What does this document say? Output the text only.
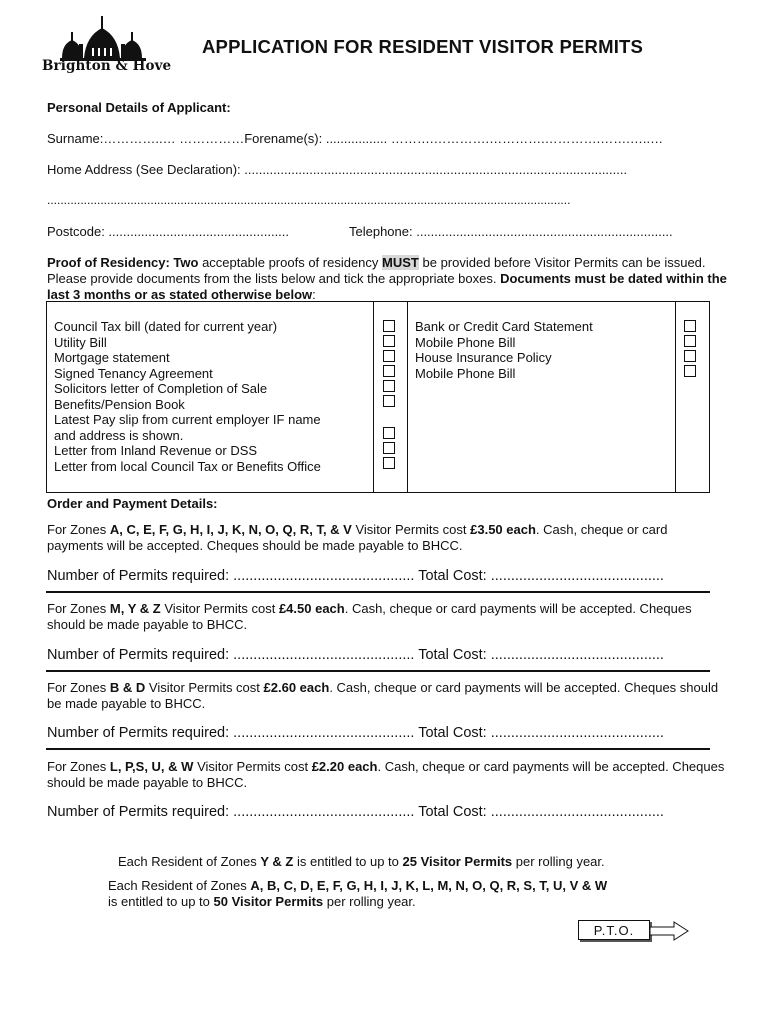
Brighton & Hove
APPLICATION FOR RESIDENT VISITOR PERMITS
Personal Details of Applicant:
Surname:…………..… ……………Forename(s): ................. ……….………….………….………….…….…..…
Home Address (See Declaration): ..........................................................................................................
.............................................................................................................................................................
Postcode: ..................................................	Telephone: .......................................................................
Proof of Residency: Two acceptable proofs of residency MUST be provided before Visitor Permits can be issued. Please provide documents from the lists below and tick the appropriate boxes. Documents must be dated within the last 3 months or as stated otherwise below:
Council Tax bill (dated for current year)
Utility Bill
Mortgage statement
Signed Tenancy Agreement
Solicitors letter of Completion of Sale
Benefits/Pension Book
Latest Pay slip from current employer IF name
and address is shown.
Letter from Inland Revenue or DSS
Letter from local Council Tax or Benefits Office
Bank or Credit Card Statement
Mobile Phone Bill
House Insurance Policy
Mobile Phone Bill
Order and Payment Details:
For Zones A, C, E, F, G, H, I, J, K, N, O, Q, R, T, & V Visitor Permits cost £3.50 each. Cash, cheque or card payments will be accepted. Cheques should be made payable to BHCC.
Number of Permits required: ............................................. Total Cost: ...........................................
For Zones M, Y & Z Visitor Permits cost £4.50 each. Cash, cheque or card payments will be accepted. Cheques should be made payable to BHCC.
Number of Permits required: ............................................. Total Cost: ...........................................
For Zones B & D Visitor Permits cost £2.60 each. Cash, cheque or card payments will be accepted. Cheques should be made payable to BHCC.
Number of Permits required: ............................................. Total Cost: ...........................................
For Zones L, P,S, U, & W Visitor Permits cost £2.20 each. Cash, cheque or card payments will be accepted. Cheques should be made payable to BHCC.
Number of Permits required: ............................................. Total Cost: ...........................................
Each Resident of Zones Y & Z is entitled to up to 25 Visitor Permits per rolling year.
Each Resident of Zones A, B, C, D, E, F, G, H, I, J, K, L, M, N, O, Q, R, S, T, U, V & W
is entitled to up to 50 Visitor Permits per rolling year.
P.T.O.
